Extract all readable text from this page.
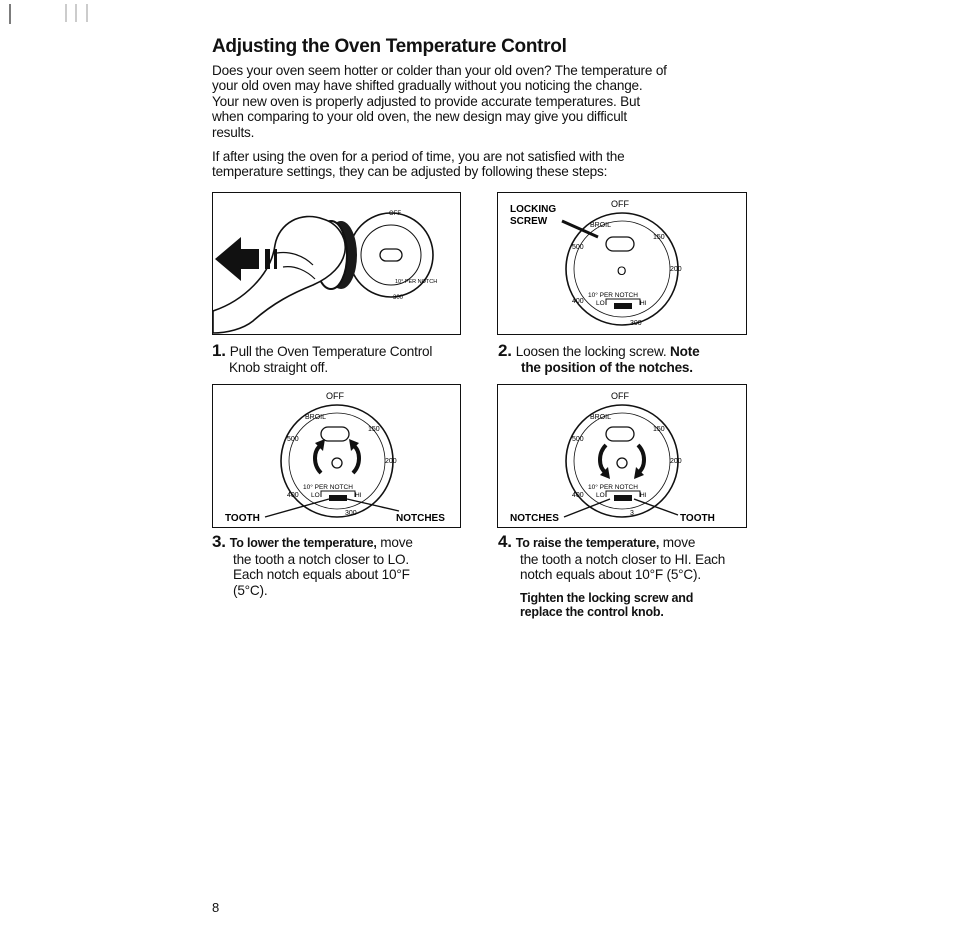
Adjusting the Oven Temperature Control
Does your oven seem hotter or colder than your old oven? The temperature of
your old oven may have shifted gradually without you noticing the change.
Your new oven is properly adjusted to provide accurate temperatures. But
when comparing to your old oven, the new design may give you difficult
results.
If after using the oven for a period of time, you are not satisfied with the
temperature settings, they can be adjusted by following these steps:
OFF
10° PER NOTCH
300
LOCKING
SCREW
OFF
O
BROIL
150
200
500
400
300
10° PER NOTCH
LO	HI
1. Pull the Oven Temperature Control
Knob straight off.
2. Loosen the locking screw. Note
the position of the notches.
OFF
BROIL
150
200
500
400
300
10° PER NOTCH
LO	HI
TOOTH	NOTCHES
OFF
BROIL
150
200
500
400
3
10° PER NOTCH
LO	HI
NOTCHES	TOOTH
3. To lower the temperature, move
the tooth a notch closer to LO.
Each notch equals about 10°F
(5°C).
4. To raise the temperature, move
the tooth a notch closer to HI. Each
notch equals about 10°F (5°C).
Tighten the locking screw and
replace the control knob.
8
